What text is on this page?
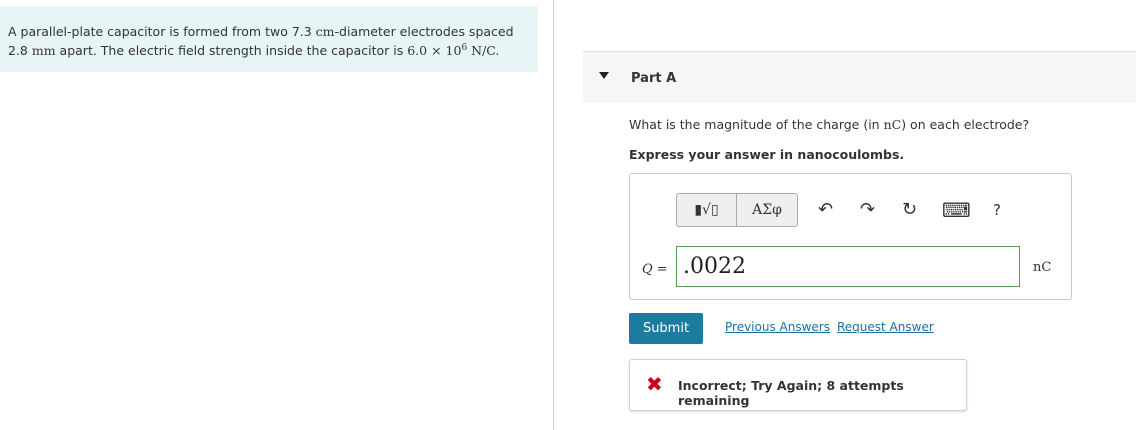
A parallel-plate capacitor is formed from two 7.3 cm-diameter electrodes spaced
2.8 mm apart. The electric field strength inside the capacitor is $6.0 \times 10^6$ N/C.
Part A
What is the magnitude of the charge (in nC) on each electrode?
Express your answer in nanocoulombs.
▮√▯	ΑΣφ	↶ ↷ ↻ ⌨ ?
Q =
.0022	nC
Submit	Previous Answers Request Answer
✖ Incorrect; Try Again; 8 attempts remaining
